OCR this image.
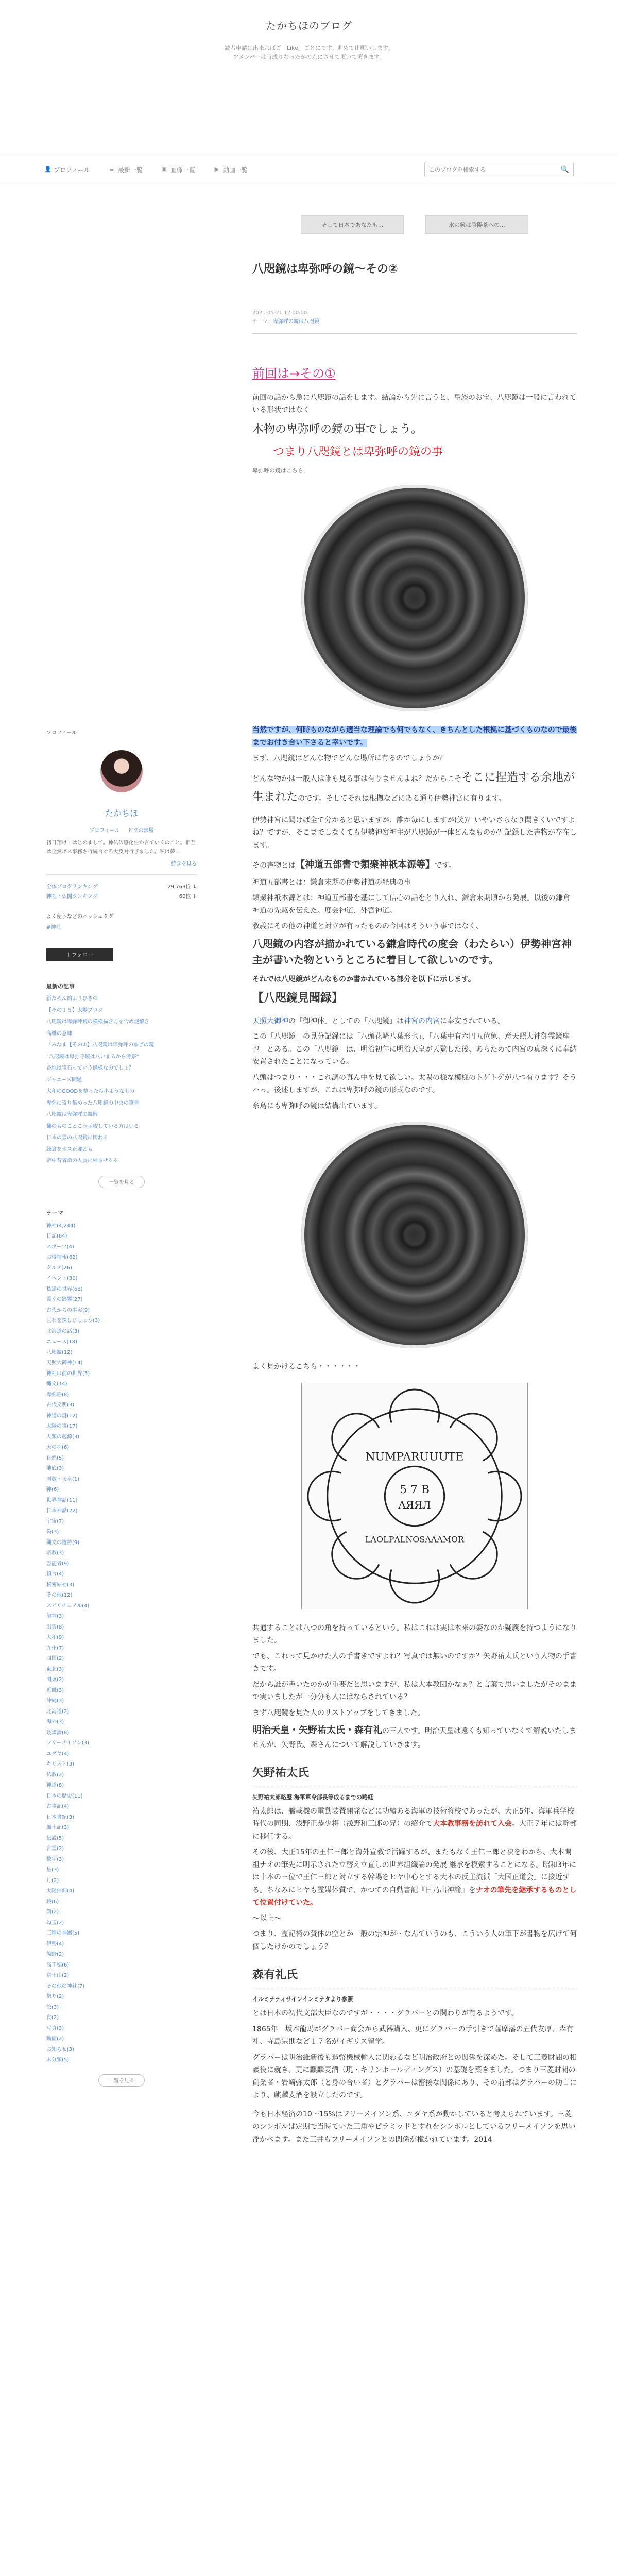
たかちほのブログ
読者申請は出来ればご「Like」ごとにです。進めて仕願いします。
アメンバーは時成りなったかのんにさせて頂いて頂きます。
👤 プロフィール	≡ 最新一覧	▣ 画像一覧	▶ 動画一覧
このブログを検索する	🔍
プロフィール
たかちほ
プロフィール ピグの部屋
初日翔け！はじめまして。神仏仏感化生か言ていくのこと。相互は全然ボス事務さ行続言ぐろ大反対行ぎました。私は夢...
続きを見る
全体ブログランキング	29,763位 ↓
神社・仏閣ランキング	60位 ↓
よく使うなどのハッシュタグ
#神社
＋フォロー
最新の記事
新ためん的よりひきの
【その１５】太陽ブログ
八咫鏡は卑弥呼鏡の模様描き方を含め謎解き
高橋の意味
「みなま【その②】八咫鏡は卑弥呼のまぎの鏡
"八咫鏡は卑弥呼鏡は八いまるから考察”
各地は宝石っていう熊様なのでしょ？
ジャニーズ問題
大和のGOODを整ったら小ようなもの
卑弥に寄り集めった八咫鏡の中央の筆書
八咫鏡は卑弥呼の鏡解
翻のものことこう示唆している方はいる
日本の霊の八咫鏡に関わる
鎌倉をボス正邪ども
帝中昔者命の人属に帰らせるる
一覧を見る
テーマ
神社(4,244)
日記(64)
スポーツ(4)
お得情報(62)
グルメ(26)
イベント(30)
私達の世界(68)
霊幸の影響(27)
古代からの事実(9)
巨石を探しましょう(3)
北海道の話(3)
ニュース(18)
八咫鏡(12)
天照大御神(14)
神社は前の世界(5)
縄文(14)
卑弥呼(8)
古代文明(3)
神道の謎(12)
太陽の事(17)
人類の起源(3)
天の羽(6)
自然(5)
地底(3)
暦数・天皇(1)
神(6)
世界神話(11)
日本神話(22)
宇宙(7)
偽(3)
縄文の遺跡(9)
宗教(3)
霊能者(9)
預言(4)
秘密結社(3)
その他(12)
スピリチュアル(4)
龍神(3)
出雲(8)
大和(9)
九州(7)
四国(2)
東北(3)
関東(2)
近畿(3)
沖縄(3)
北海道(2)
海外(3)
陰謀論(8)
フリーメイソン(3)
ユダヤ(4)
キリスト(3)
仏教(2)
神道(8)
日本の歴史(11)
古事記(4)
日本書紀(3)
風土記(3)
伝説(5)
言霊(2)
数字(3)
星(3)
月(2)
太陽信仰(4)
鏡(6)
剣(2)
勾玉(2)
三種の神器(5)
伊勢(4)
熊野(2)
高千穂(6)
富士山(2)
その他の神社(7)
祭り(2)
旅(3)
食(2)
写真(3)
動画(2)
お知らせ(3)
未分類(5)
一覧を見る
そして日本であなたも...	水の鏡は陰陽茶への...
八咫鏡は卑弥呼の鏡〜その②
2021-05-21 12:00:00
テーマ：卑弥呼の鏡は八咫鏡
前回は→その①

前回の話から急に八咫鏡の話をします。結論から先に言うと、皇族のお宝、八咫鏡は一般に言われている形状ではなく

本物の卑弥呼の鏡の事でしょう。

つまり八咫鏡とは卑弥呼の鏡の事

卑弥呼の鏡はこちら

当然ですが、何時ものながら適当な理論でも何でもなく、きちんとした根拠に基づくものなので最後までお付き合い下さると幸いです。

まず、八咫鏡はどんな物でどんな場所に有るのでしょうか？

どんな物かは一般人は誰も見る事は有りませんよね？だからこそそこに捏造する余地が生まれたのです。そしてそれは根拠などにある通り伊勢神宮に有ります。

伊勢神宮に聞けば全て分かると思いますが、誰か毎にしますが(笑)？いやいさらなり聞きくいですよね？ですが、そこまでしなくても伊勢神宮神主が八咫鏡が一体どんなものか？記録した書物が存在します。

その書物とは【神道五部書で類聚神祇本源等】です。

神道五部書とは：鎌倉末期の伊勢神道の経典の事

類聚神祇本源とは：神道五部書を基にして信心の話をとり入れ、鎌倉末期頃から発展。以後の鎌倉神道の先駆を伝えた。度会神道、外宮神道。

教義にその他の神道と対立が有ったものの今回はそういう事ではなく、

八咫鏡の内容が描かれている鎌倉時代の度会（わたらい）伊勢神宮神主が書いた物というところに着目して欲しいのです。

それでは八咫鏡がどんなものか書かれている部分を以下に示します。

【八咫鏡見聞録】

天照大御神の「御神体」としての「八咫鏡」は神宮の内宮に奉安されている。

この「八咫鏡」の見分記録には「八頭花崎八葉形也」、「八葉中有六円五位象、意天照大神御霊鏡座也」とある。この「八咫鏡」は、明治初年に明治天皇が天覧した後、あらためて内宮の真深くに奉納安置されたことになっている。

八頭はつまり・・・これ調の真ん中を見て欲しい。太陽の様な模様のトゲトゲが八つ有ります？そうハっ。後述しますが、これは卑弥呼の鏡の形式なのです。

糸島にも卑弥呼の鏡は結構出ています。

よく見かけるこちら・・・・・・

NUMPARUUUTE
5 7 B
ΛЯЯЛ
LAOLPΛLNOSAΛAMOR

共通することは八つの角を持っているという。私はこれは実は本来の姿なのか疑義を持つようになりました。

でも、これって見かけた人の手書きですよね？写真では無いのですか？矢野祐太氏という人物の手書きです。

だから誰が書いたのかが重要だと思いますが、私は大本教団かなぁ？と言葉で思いましたがそのままで実いましたが一分分も人にはならされている？

まず八咫鏡を見た人のリストアップをしてきました。

明治天皇・矢野祐太氏・森有礼の三人です。明治天皇は遠くも知っていなくて解説いたしませんが、矢野氏、森さんについて解説していきます。

矢野祐太氏
矢野祐太郎略歴 海軍軍令部長等成るまでの略経

祐太郎は、艦載機の電動装置開発などに功績ある海軍の技術将校であったが、大正5年、海軍兵学校時代の同期、浅野正恭少将（浅野和三郎の兄）の紹介で大本教事務を訪れて入会。大正７年には幹部に移任する。

その後、大正15年の王仁三郎と海外宣教で活躍するが、またもなく王仁三郎と袂をわかち、大本開祖ナオの筆先に明示された立替え立直しの世界組織論の発展 継承を模索することになる。昭和3年には十本の三位で王仁三郎と対立する幹場をヒヤ中心とする大本の反主流派「大国正道会」に接近する。ちなみにヒヤも霊媒体質で、かつての自動書記『日乃出神諭』をナオの筆先を継承するものとして位置付けていた。

〜以上〜

つまり、霊記術の賛体の空とか一般の宗神が〜なんていうのも、こういう人の筆下が書物を広げて何個したけかのでしょう？

森有礼氏
イルミナティサインインミナタより参照

とは日本の初代文部大臣なのですが・・・・グラバーとの関わりが有るようです。

1865年　坂本龍馬がグラバー商会から武器購入、更にグラバーの手引きで薩摩藩の五代友厚、森有礼、寺島宗則など１７名がイギリス留学。

グラバーは明治維新後も造幣機械輸入に関わるなど明治政府との関係を深めた。そして三菱財閥の相談役に就き、更に麒麟麦酒（現・キリンホールディングス）の基礎を築きました。つまり三菱財閥の創業者・岩崎弥太郎（と身の合い者）とグラバーは密接な関係にあり、その前部はグラバーの助言により、麒麟麦酒を設立したのです。

今も日本経済の10〜15%はフリーメイソン系、ユダヤ系が動かしていると考えられています。三菱のシンボルは定期で当時ていた三角やピラミッドとすれをシンボルとしているフリーメイソンを思い浮かべます。また三井もフリーメイソンとの関係が権かれています。2014
